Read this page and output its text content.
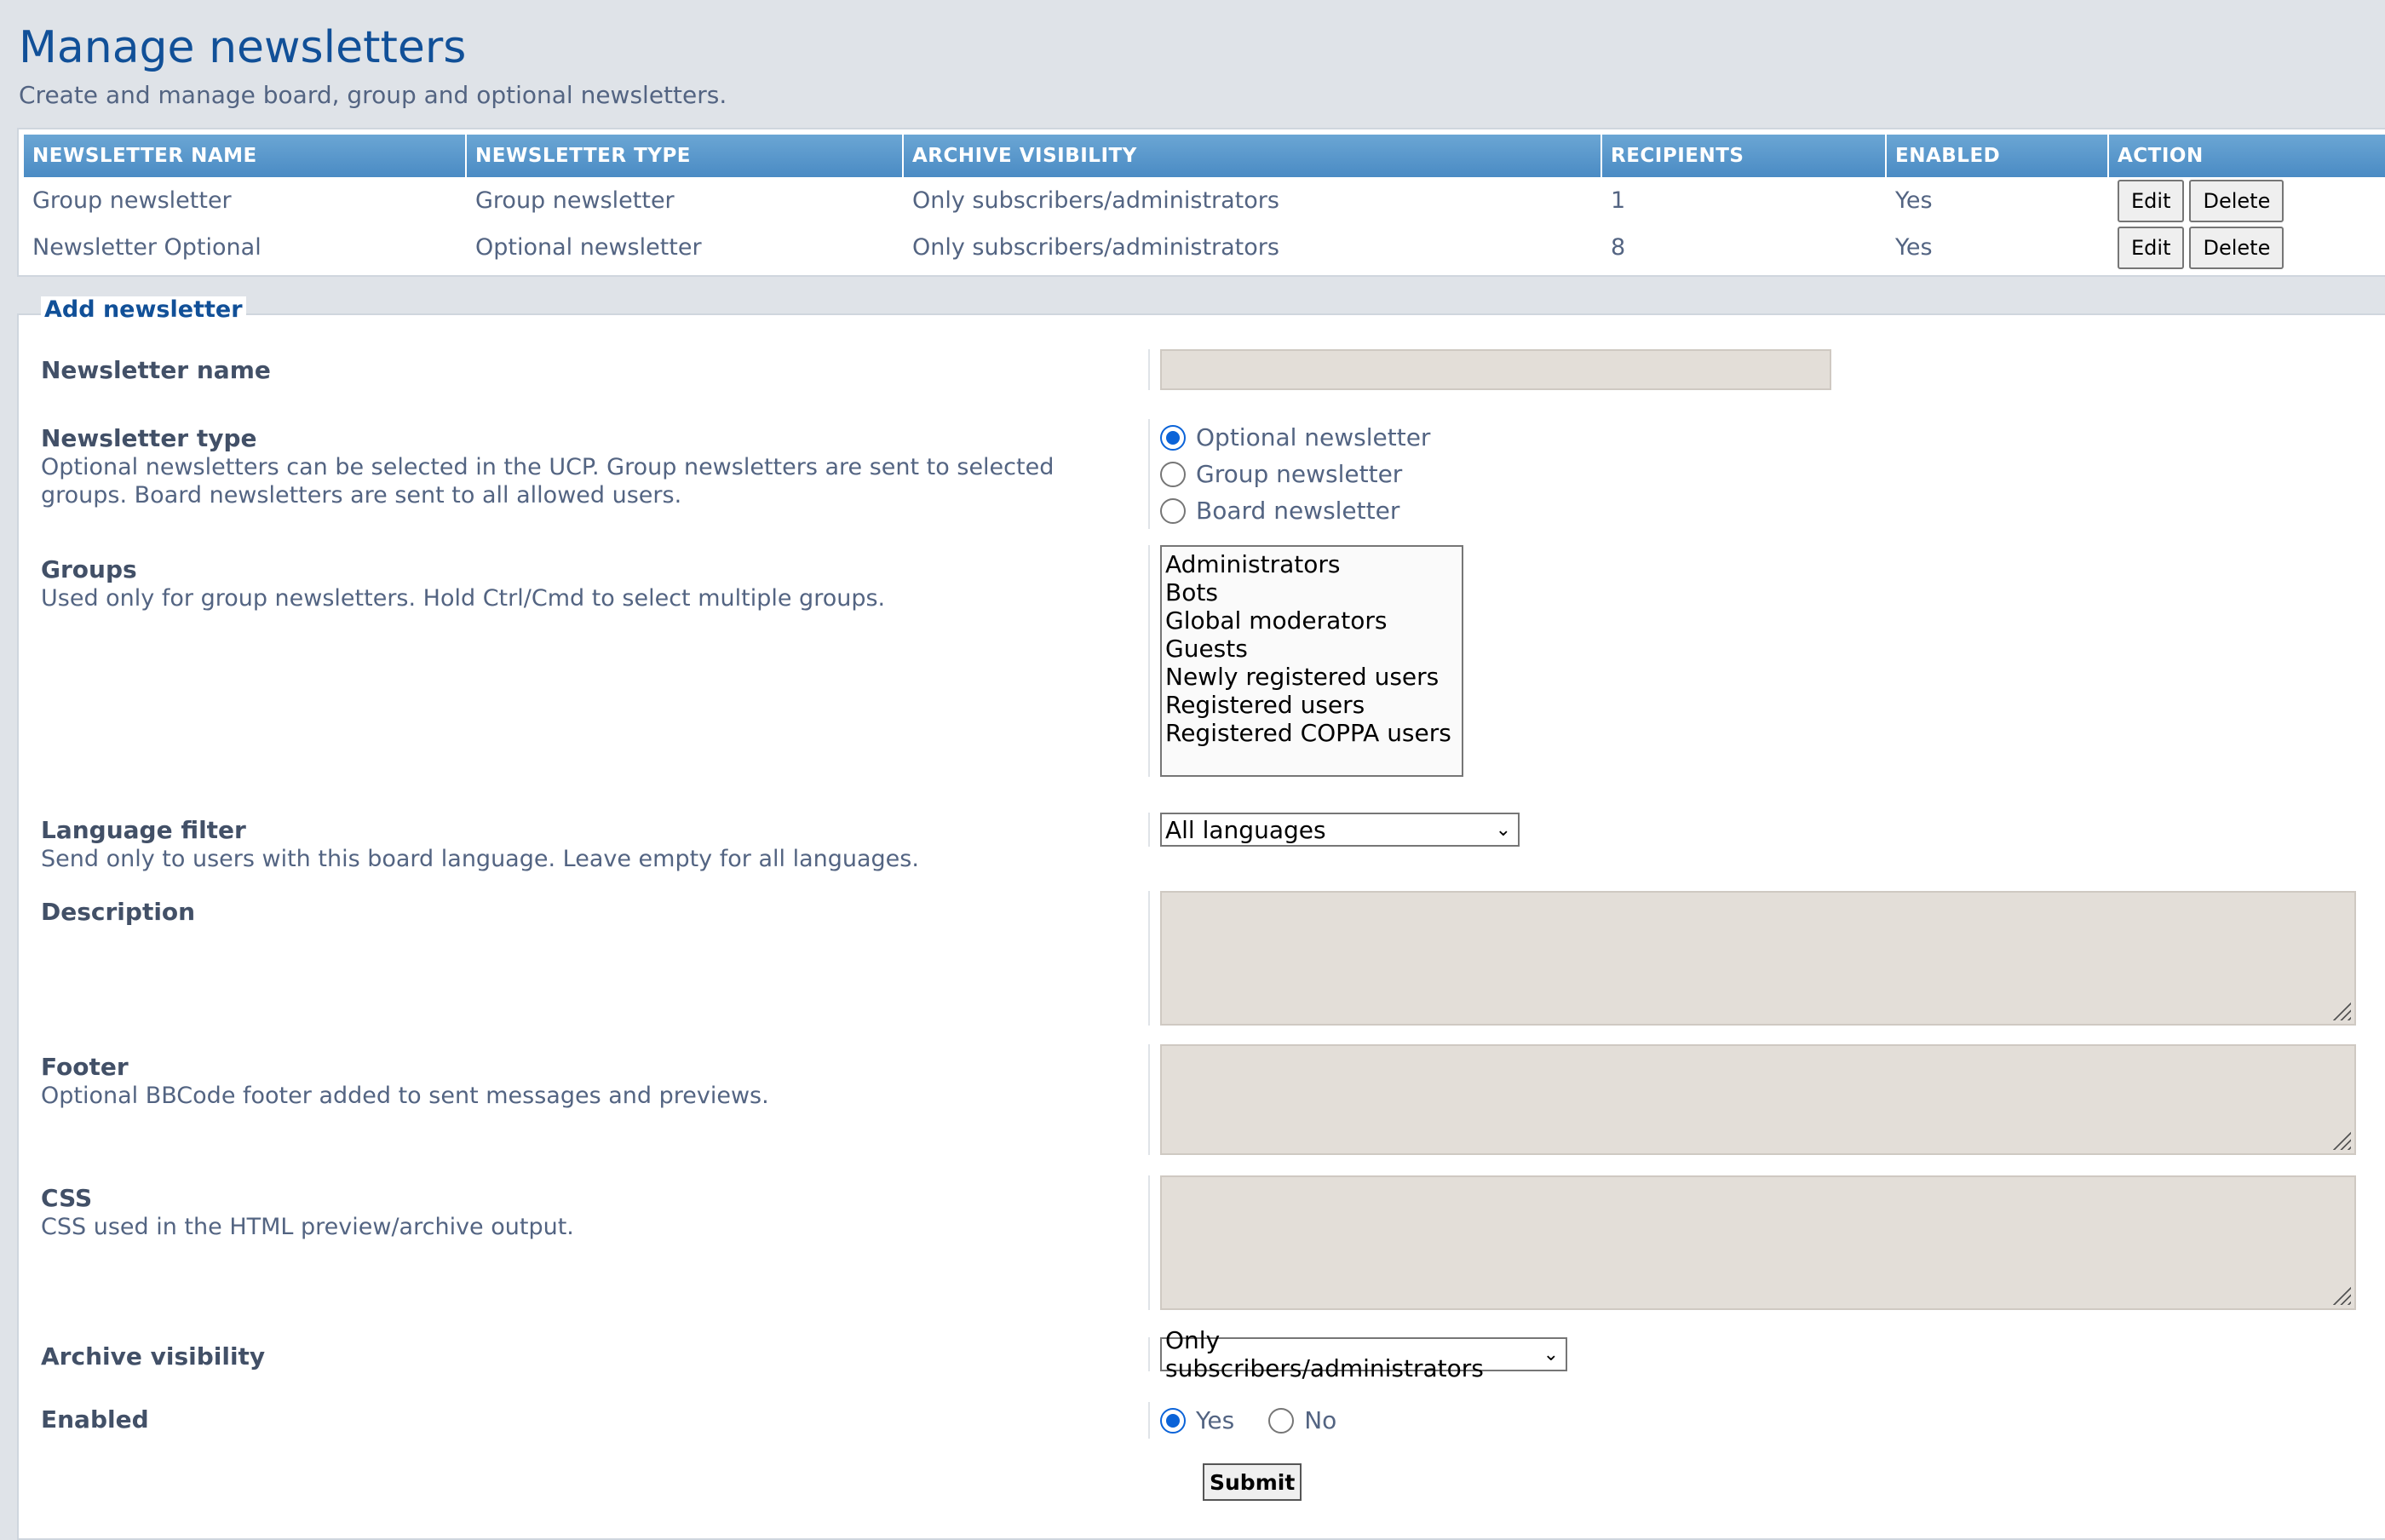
Manage newsletters
Create and manage board, group and optional newsletters.
NEWSLETTER NAME	NEWSLETTER TYPE	ARCHIVE VISIBILITY	RECIPIENTS	ENABLED	ACTION
Group newsletter	Group newsletter	Only subscribers/administrators	1	Yes	Edit Delete
Newsletter Optional	Optional newsletter	Only subscribers/administrators	8	Yes	Edit Delete
Add newsletter
Newsletter name
Newsletter type
Optional newsletters can be selected in the UCP. Group newsletters are sent to selected groups. Board newsletters are sent to all allowed users.
Optional newsletter
Group newsletter
Board newsletter
Groups
Used only for group newsletters. Hold Ctrl/Cmd to select multiple groups.
Administrators
Bots
Global moderators
Guests
Newly registered users
Registered users
Registered COPPA users
Language filter
Send only to users with this board language. Leave empty for all languages.
All languages	⌄
Description
Footer
Optional BBCode footer added to sent messages and previews.
CSS
CSS used in the HTML preview/archive output.
Archive visibility
Only subscribers/administrators	⌄
Enabled	Yes	No
Submit
